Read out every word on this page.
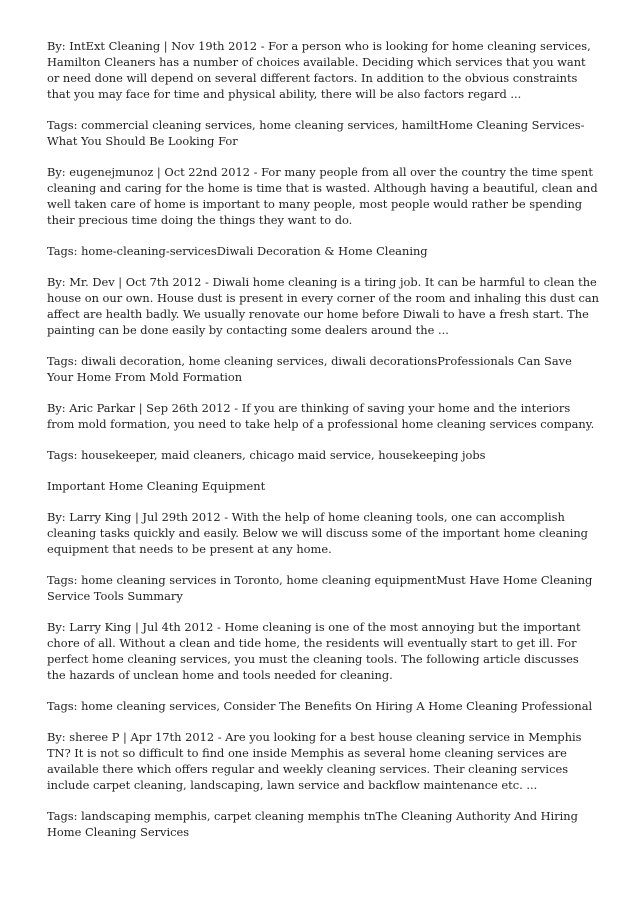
By: IntExt Cleaning | Nov 19th 2012 - For a person who is looking for home cleaning services, Hamilton Cleaners has a number of choices available. Deciding which services that you want or need done will depend on several different factors. In addition to the obvious constraints that you may face for time and physical ability, there will be also factors regard ...

Tags: commercial cleaning services, home cleaning services, hamiltHome Cleaning Services- What You Should Be Looking For

By: eugenejmunoz | Oct 22nd 2012 - For many people from all over the country the time spent cleaning and caring for the home is time that is wasted. Although having a beautiful, clean and well taken care of home is important to many people, most people would rather be spending their precious time doing the things they want to do.

Tags: home-cleaning-servicesDiwali Decoration & Home Cleaning

By: Mr. Dev | Oct 7th 2012 - Diwali home cleaning is a tiring job. It can be harmful to clean the house on our own. House dust is present in every corner of the room and inhaling this dust can affect are health badly. We usually renovate our home before Diwali to have a fresh start. The painting can be done easily by contacting some dealers around the ...

Tags: diwali decoration, home cleaning services, diwali decorationsProfessionals Can Save Your Home From Mold Formation

By: Aric Parkar | Sep 26th 2012 - If you are thinking of saving your home and the interiors from mold formation, you need to take help of a professional home cleaning services company.

Tags: housekeeper, maid cleaners, chicago maid service, housekeeping jobs

Important Home Cleaning Equipment

By: Larry King | Jul 29th 2012 - With the help of home cleaning tools, one can accomplish cleaning tasks quickly and easily. Below we will discuss some of the important home cleaning equipment that needs to be present at any home.

Tags: home cleaning services in Toronto, home cleaning equipmentMust Have Home Cleaning Service Tools Summary

By: Larry King | Jul 4th 2012 - Home cleaning is one of the most annoying but the important chore of all. Without a clean and tide home, the residents will eventually start to get ill. For perfect home cleaning services, you must the cleaning tools. The following article discusses the hazards of unclean home and tools needed for cleaning.

Tags: home cleaning services, Consider The Benefits On Hiring A Home Cleaning Professional

By: sheree P | Apr 17th 2012 - Are you looking for a best house cleaning service in Memphis TN? It is not so difficult to find one inside Memphis as several home cleaning services are available there which offers regular and weekly cleaning services. Their cleaning services include carpet cleaning, landscaping, lawn service and backflow maintenance etc. ...

Tags: landscaping memphis, carpet cleaning memphis tnThe Cleaning Authority And Hiring Home Cleaning Services
